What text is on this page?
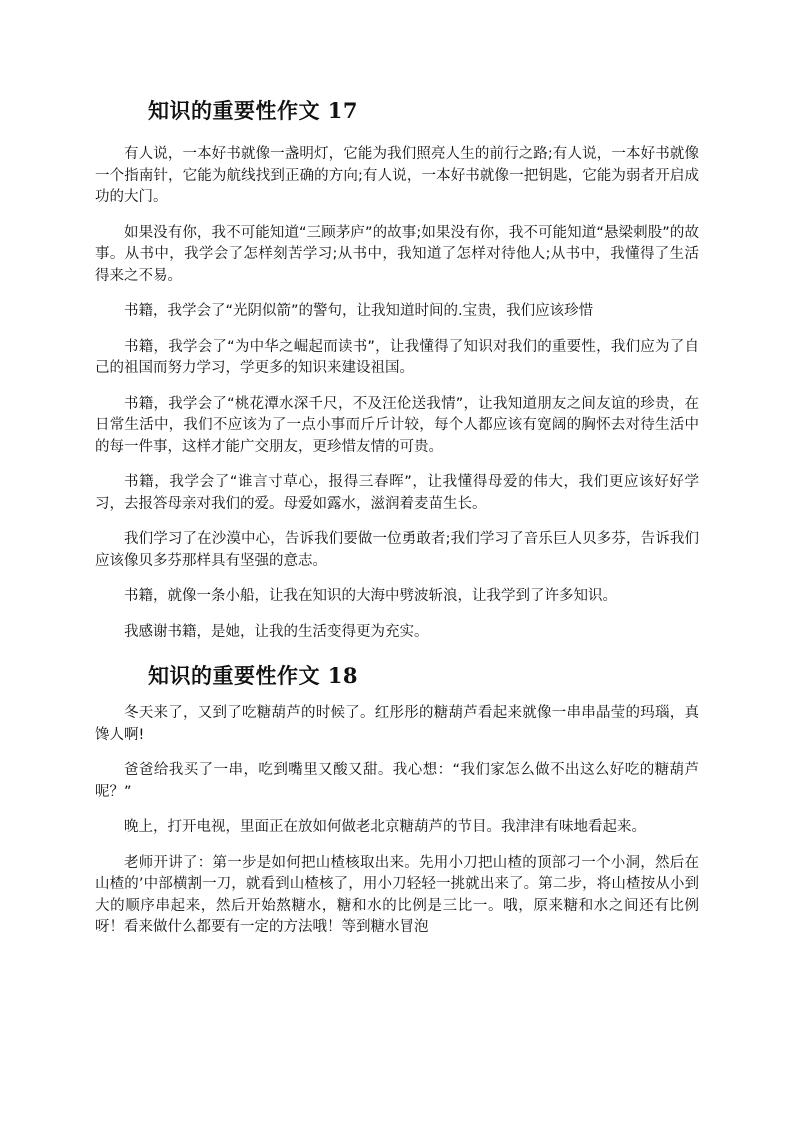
知识的重要性作文 17

有人说，一本好书就像一盏明灯，它能为我们照亮人生的前行之路;有人说，一本好书就像一个指南针，它能为航线找到正确的方向;有人说，一本好书就像一把钥匙，它能为弱者开启成功的大门。

如果没有你，我不可能知道“三顾茅庐”的故事;如果没有你，我不可能知道“悬梁刺股”的故事。从书中，我学会了怎样刻苦学习;从书中，我知道了怎样对待他人;从书中，我懂得了生活得来之不易。

书籍，我学会了“光阴似箭”的警句，让我知道时间的.宝贵，我们应该珍惜

书籍，我学会了“为中华之崛起而读书”，让我懂得了知识对我们的重要性，我们应为了自己的祖国而努力学习，学更多的知识来建设祖国。

书籍，我学会了“桃花潭水深千尺，不及汪伦送我情”，让我知道朋友之间友谊的珍贵，在日常生活中，我们不应该为了一点小事而斤斤计较，每个人都应该有宽阔的胸怀去对待生活中的每一件事，这样才能广交朋友，更珍惜友情的可贵。

书籍，我学会了“谁言寸草心，报得三春晖”，让我懂得母爱的伟大，我们更应该好好学习，去报答母亲对我们的爱。母爱如露水，滋润着麦苗生长。

我们学习了在沙漠中心，告诉我们要做一位勇敢者;我们学习了音乐巨人贝多芬，告诉我们应该像贝多芬那样具有坚强的意志。

书籍，就像一条小船，让我在知识的大海中劈波斩浪，让我学到了许多知识。

我感谢书籍，是她，让我的生活变得更为充实。

知识的重要性作文 18

冬天来了，又到了吃糖葫芦的时候了。红彤彤的糖葫芦看起来就像一串串晶莹的玛瑙，真馋人啊!

爸爸给我买了一串，吃到嘴里又酸又甜。我心想：“我们家怎么做不出这么好吃的糖葫芦呢？”

晚上，打开电视，里面正在放如何做老北京糖葫芦的节目。我津津有味地看起来。

老师开讲了：第一步是如何把山楂核取出来。先用小刀把山楂的顶部刁一个小洞，然后在山楂的’中部横割一刀，就看到山楂核了，用小刀轻轻一挑就出来了。第二步，将山楂按从小到大的顺序串起来，然后开始熬糖水，糖和水的比例是三比一。哦，原来糖和水之间还有比例呀！看来做什么都要有一定的方法哦！等到糖水冒泡
